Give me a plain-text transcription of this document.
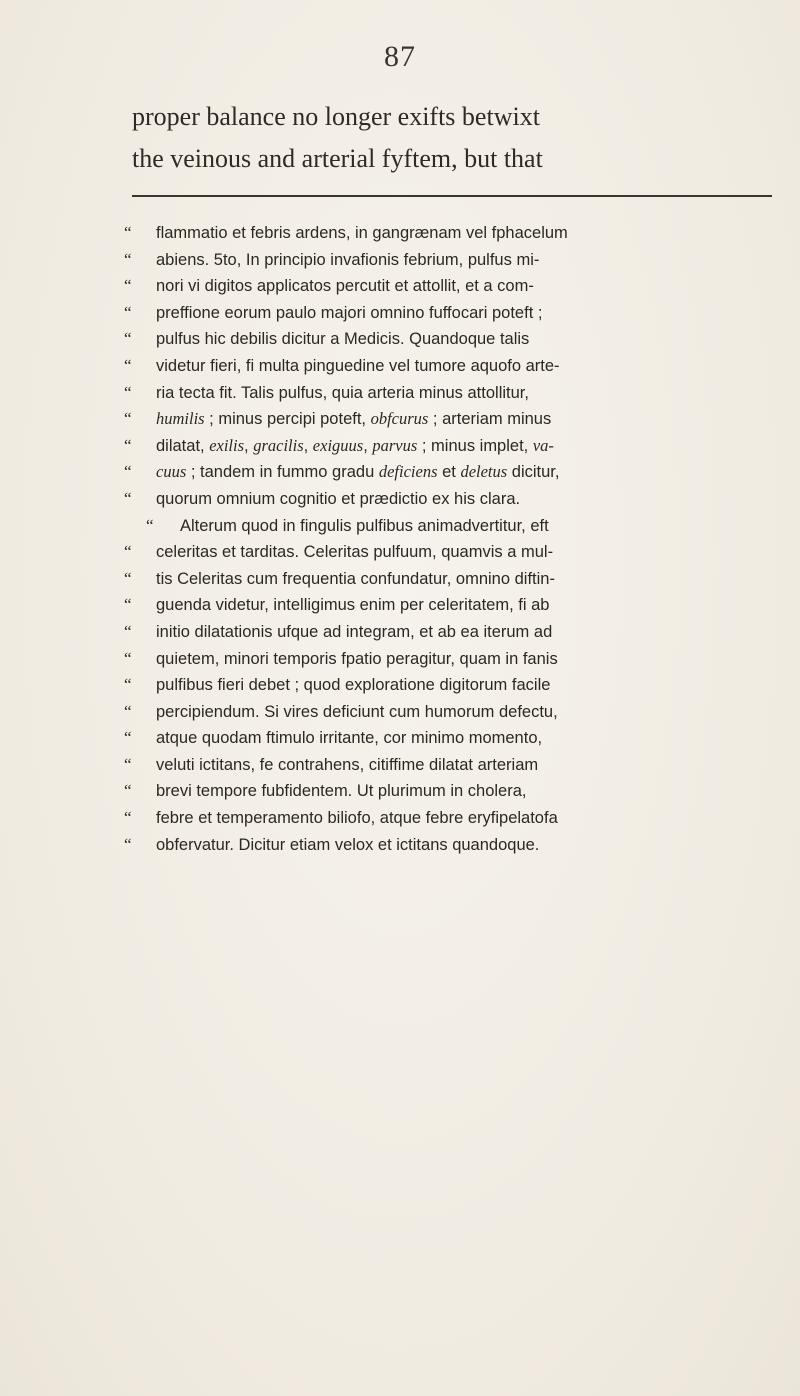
87
proper balance no longer exifts betwixt
the veinous and arterial fyftem, but that
“ flammatio et febris ardens, in gangrænam vel fphacelum
“ abiens. 5to, In principio invafionis febrium, pulfus mi-
“ nori vi digitos applicatos percutit et attollit, et a com-
“ preffione eorum paulo majori omnino fuffocari poteft ;
“ pulfus hic debilis dicitur a Medicis. Quandoque talis
“ videtur fieri, fi multa pinguedine vel tumore aquofo arte-
“ ria tecta fit. Talis pulfus, quia arteria minus attollitur,
“ humilis ; minus percipi poteft, obfcurus ; arteriam minus
“ dilatat, exilis, gracilis, exiguus, parvus ; minus implet, va-
“ cuus ; tandem in fummo gradu deficiens et deletus dicitur,
“ quorum omnium cognitio et prædictio ex his clara.
“ Alterum quod in fingulis pulfibus animadvertitur, eft
“ celeritas et tarditas. Celeritas pulfuum, quamvis a mul-
“ tis Celeritas cum frequentia confundatur, omnino diftin-
“ guenda videtur, intelligimus enim per celeritatem, fi ab
“ initio dilatationis ufque ad integram, et ab ea iterum ad
“ quietem, minori temporis fpatio peragitur, quam in fanis
“ pulfibus fieri debet ; quod exploratione digitorum facile
“ percipiendum. Si vires deficiunt cum humorum defectu,
“ atque quodam ftimulo irritante, cor minimo momento,
“ veluti ictitans, fe contrahens, citiffime dilatat arteriam
“ brevi tempore fubfidentem. Ut plurimum in cholera,
“ febre et temperamento biliofo, atque febre eryfipelatofa
“ obfervatur. Dicitur etiam velox et ictitans quandoque.
